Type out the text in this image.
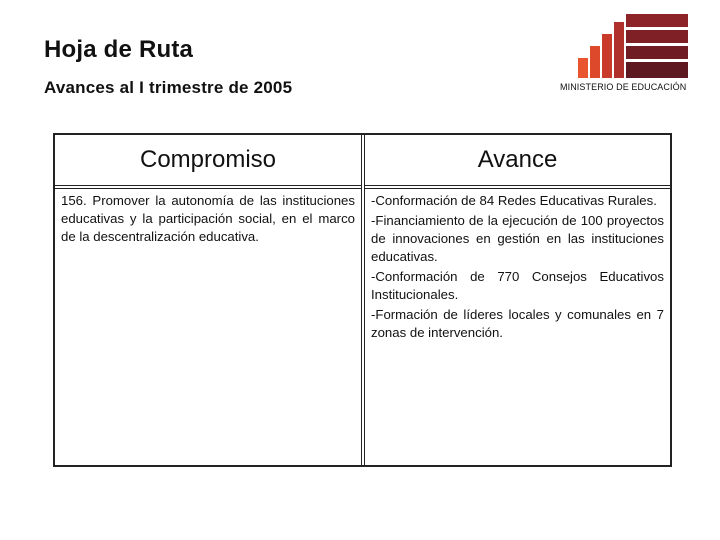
Hoja de Ruta
Avances al I trimestre de 2005	MINISTERIO DE EDUCACIÓN
Compromiso
156. Promover la autonomía de las instituciones educativas y la participación social, en el marco de la descentralización educativa.
Avance

-Conformación de 84 Redes Educativas Rurales.

-Financiamiento de la ejecución de 100 proyectos de innovaciones en gestión en las instituciones educativas.

-Conformación de 770 Consejos Educativos Institucionales.

-Formación de líderes locales y comunales en 7 zonas de intervención.
